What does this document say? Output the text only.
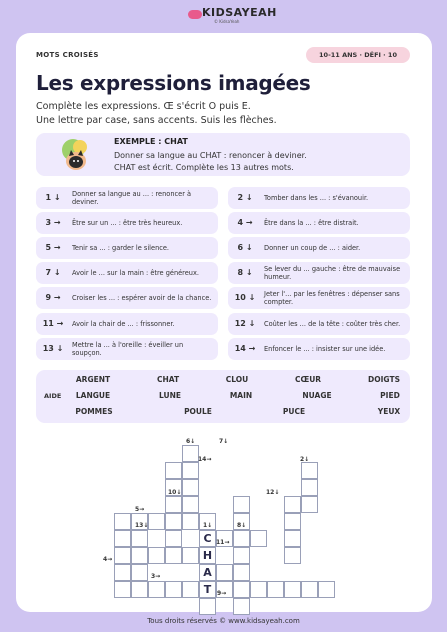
KIDSAYEAH
© KidsaYeah
MOTS CROISÉS	10-11 ANS · DÉFI · 10
Les expressions imagées
Complète les expressions. Œ s'écrit O puis E.
Une lettre par case, sans accents. Suis les flèches.
EXEMPLE : CHAT
Donner sa langue au CHAT : renoncer à deviner.
CHAT est écrit. Complète les 13 autres mots.
1 ↓	Donner sa langue au ... : renoncer à deviner.
3 →	Être sur un ... : être très heureux.
5 →	Tenir sa ... : garder le silence.
7 ↓	Avoir le ... sur la main : être généreux.
9 →	Croiser les ... : espérer avoir de la chance.
11 →	Avoir la chair de ... : frissonner.
13 ↓	Mettre la ... à l'oreille : éveiller un soupçon.
2 ↓	Tomber dans les ... : s'évanouir.
4 →	Être dans la ... : être distrait.
6 ↓	Donner un coup de ... : aider.
8 ↓	Se lever du ... gauche : être de mauvaise humeur.
10 ↓	Jeter l'... par les fenêtres : dépenser sans compter.
12 ↓	Coûter les ... de la tête : coûter très cher.
14 →	Enfoncer le ... : insister sur une idée.
AIDE
ARGENT	CHAT	CLOU	CŒUR	DOIGTS
LANGUE	LUNE	MAIN	NUAGE	PIED
POMMES	POULE	PUCE	YEUX
C
H
A
T
6↓	7↓
14→	2↓
10↓	12↓
5→
13↓	1↓	8↓
11→
4→
3→
9→
Tous droits réservés © www.kidsayeah.com
